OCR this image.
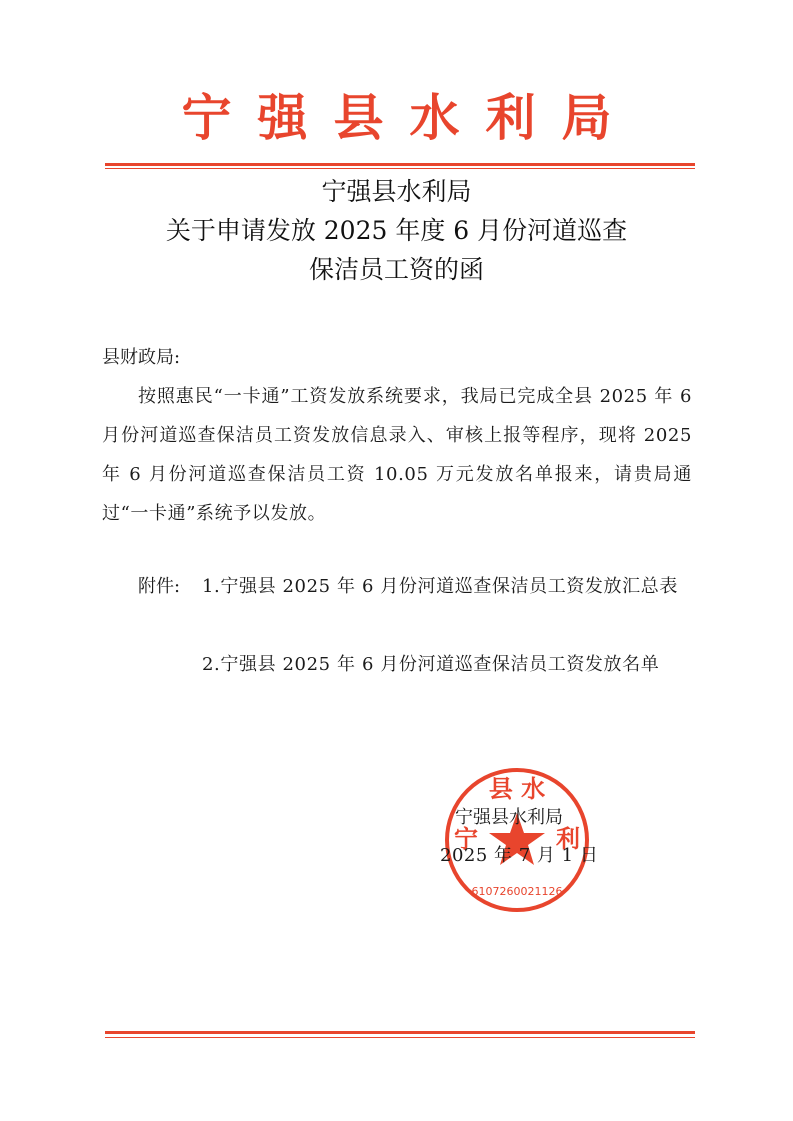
宁强县水利局
宁强县水利局
关于申请发放 2025 年度 6 月份河道巡查
保洁员工资的函
县财政局:
按照惠民“一卡通”工资发放系统要求，我局已完成全县 2025 年 6 月份河道巡查保洁员工资发放信息录入、审核上报等程序，现将 2025 年 6 月份河道巡查保洁员工资 10.05 万元发放名单报来，请贵局通过“一卡通”系统予以发放。
附件: 1.宁强县 2025 年 6 月份河道巡查保洁员工资发放汇总表
2.宁强县 2025 年 6 月份河道巡查保洁员工资发放名单
县 水
宁	利
6107260021126
宁强县水利局
2025 年 7 月 1 日
